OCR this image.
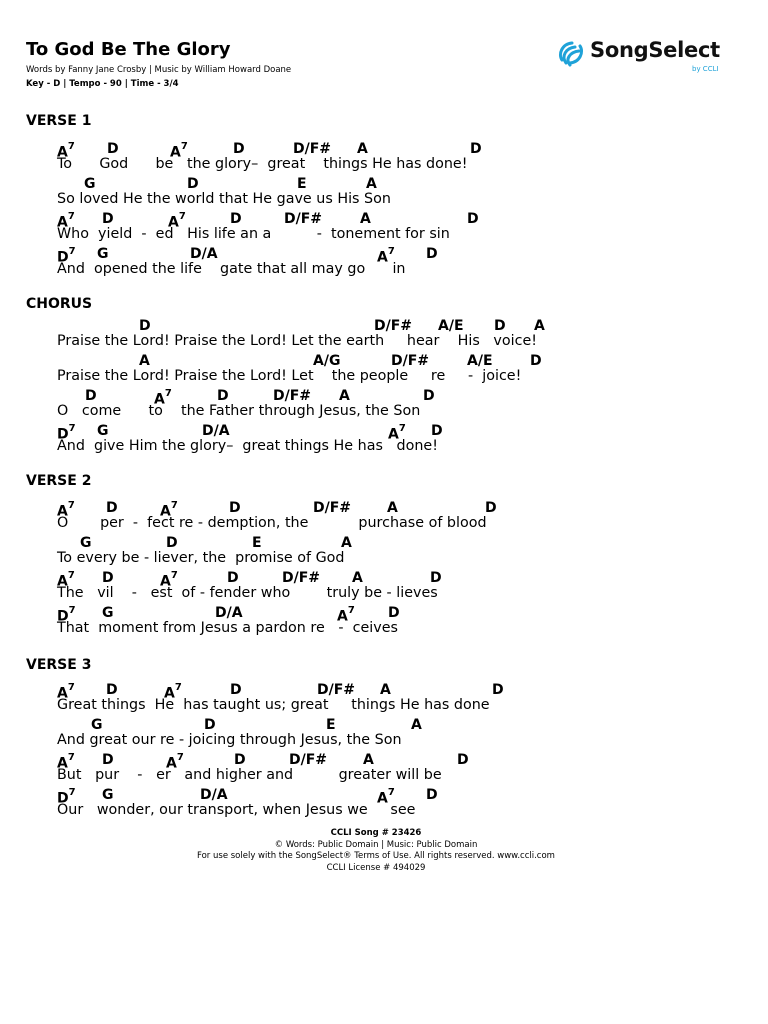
To God Be The Glory
Words by Fanny Jane Crosby | Music by William Howard Doane
Key - D | Tempo - 90 | Time - 3/4
SongSelect
by CCLI
VERSE 1
$A^7$ D	$A^7$	D	D/F# A	D
To      God      be   the glory–  great    things He has done!
G	D	E	A
So loved He the world that He gave us His Son
$A^7$ D	$A^7$	D	D/F#	A	D
Who  yield  -  ed   His life an a          -  tonement for sin
$D^7$ G	D/A	$A^7$ D
And  opened the life    gate that all may go      in
CHORUS
D	D/F# A/E D A
Praise the Lord! Praise the Lord! Let the earth     hear    His   voice!
A	A/G	D/F#	A/E	D
Praise the Lord! Praise the Lord! Let    the people     re     -  joice!
D	$A^7$	D	D/F# A	D
O   come      to    the Father through Jesus, the Son
$D^7$ G	D/A	$A^7$ D
And  give Him the glory–  great things He has   done!
VERSE 2
$A^7$ D	$A^7$	D	D/F#	A	D
O       per  -  fect re - demption, the           purchase of blood
G	D	E	A
To every be - liever, the  promise of God
$A^7$ D	$A^7$	D	D/F# A	D
The   vil    -   est  of - fender who        truly be - lieves
$D^7$ G	D/A	$A^7$ D
That  moment from Jesus a pardon re   -  ceives
VERSE 3
$A^7$ D	$A^7$	D	D/F# A	D
Great things  He  has taught us; great     things He has done
G	D	E	A
And great our re - joicing through Jesus, the Son
$A^7$ D	$A^7$	D	D/F#	A	D
But   pur    -   er   and higher and          greater will be
$D^7$ G	D/A	$A^7$ D
Our   wonder, our transport, when Jesus we     see
CCLI Song # 23426
© Words: Public Domain | Music: Public Domain
For use solely with the SongSelect® Terms of Use. All rights reserved. www.ccli.com
CCLI License # 494029
